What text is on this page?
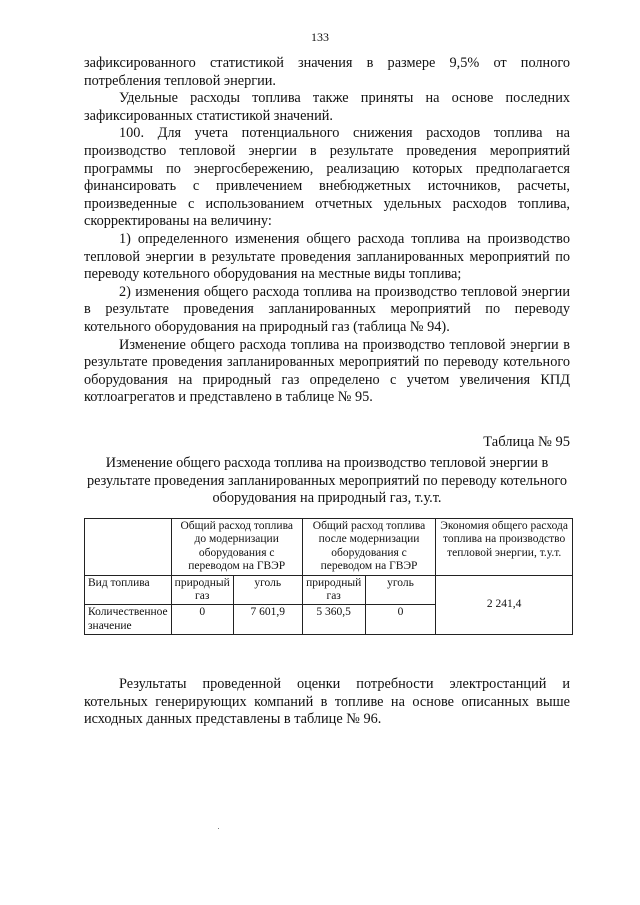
133

зафиксированного статистикой значения в размере 9,5% от полного потребления тепловой энергии.

Удельные расходы топлива также приняты на основе последних зафиксированных статистикой значений.

100. Для учета потенциального снижения расходов топлива на производство тепловой энергии в результате проведения мероприятий программы по энергосбережению, реализацию которых предполагается финансировать с привлечением внебюджетных источников, расчеты, произведенные с использованием отчетных удельных расходов топлива, скорректированы на величину:

1) определенного изменения общего расхода топлива на производство тепловой энергии в результате проведения запланированных мероприятий по переводу котельного оборудования на местные виды топлива;

2) изменения общего расхода топлива на производство тепловой энергии в результате проведения запланированных мероприятий по переводу котельного оборудования на природный газ (таблица № 94).

Изменение общего расхода топлива на производство тепловой энергии в результате проведения запланированных мероприятий по переводу котельного оборудования на природный газ определено с учетом увеличения КПД котлоагрегатов и представлено в таблице № 95.

Таблица № 95
Изменение общего расхода топлива на производство тепловой энергии в результате проведения запланированных мероприятий по переводу котельного оборудования на природный газ, т.у.т.
	Общий расход топлива до модернизации оборудования с переводом на ГВЭР		Общий расход топлива после модернизации оборудования с переводом на ГВЭР		Экономия общего расхода топлива на производство тепловой энергии, т.у.т.
Вид топлива	природный газ	уголь	природный газ	уголь	2 241,4
Количественное значение	0	7 601,9	5 360,5	0	

Результаты проведенной оценки потребности электростанций и котельных генерирующих компаний в топливе на основе описанных выше исходных данных представлены в таблице № 96.
